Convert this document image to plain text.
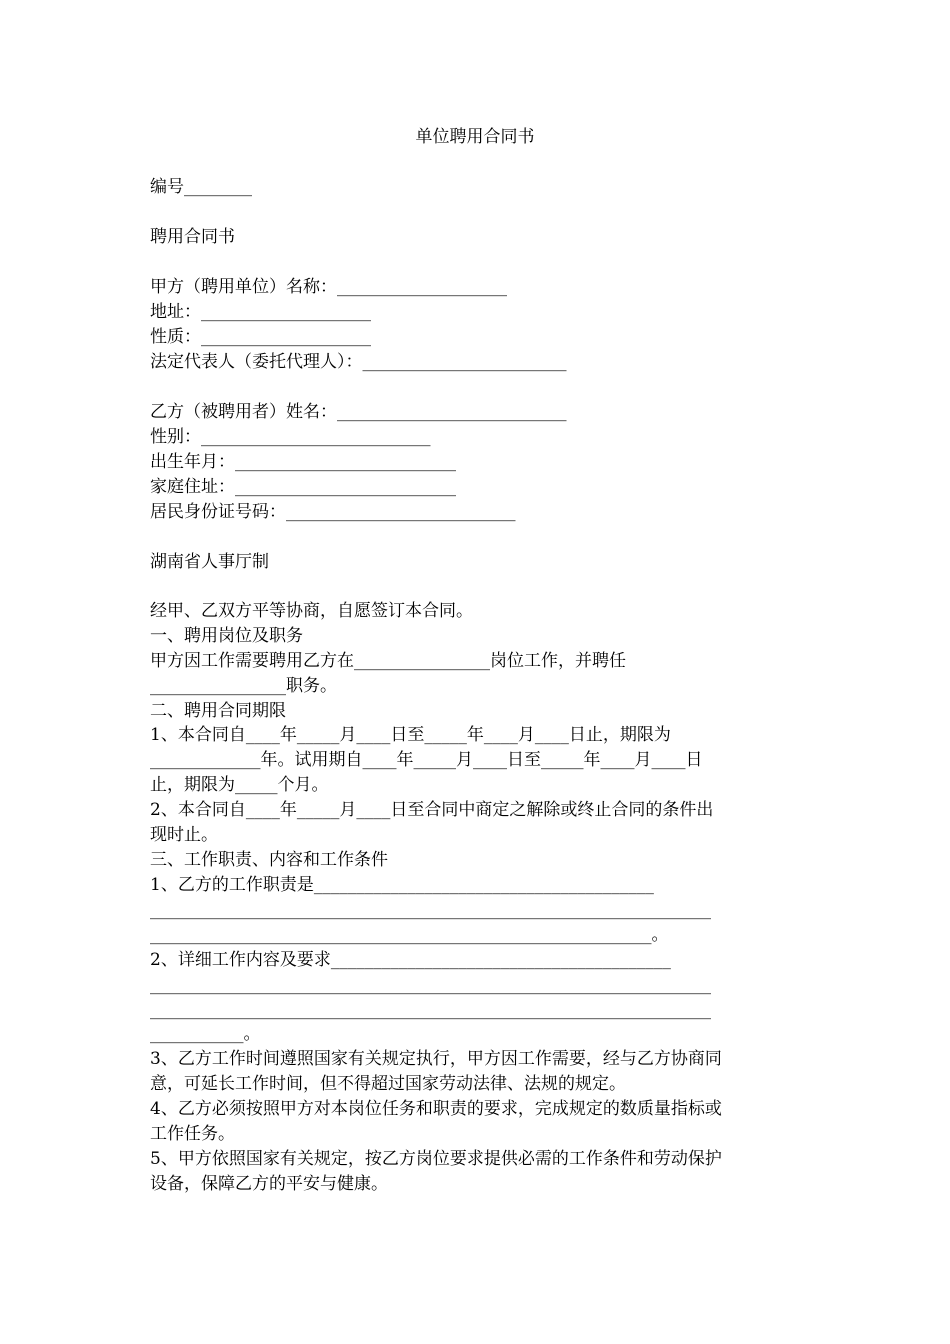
单位聘用合同书
编号________
聘用合同书
甲方（聘用单位）名称：____________________
地址：____________________
性质：____________________
法定代表人（委托代理人）：________________________
乙方（被聘用者）姓名：___________________________
性别：___________________________
出生年月：__________________________
家庭住址：__________________________
居民身份证号码：___________________________
湖南省人事厅制
经甲、乙双方平等协商，自愿签订本合同。
一、聘用岗位及职务
甲方因工作需要聘用乙方在________________岗位工作，并聘任
________________职务。
二、聘用合同期限
1、本合同自____年_____月____日至_____年____月____日止，期限为
_____________年。试用期自____年_____月____日至_____年____月____日
止，期限为_____个月。
2、本合同自____年_____月____日至合同中商定之解除或终止合同的条件出
现时止。
三、工作职责、内容和工作条件
1、乙方的工作职责是________________________________________
__________________________________________________________________
___________________________________________________________。
2、详细工作内容及要求________________________________________
__________________________________________________________________
__________________________________________________________________
___________。
3、乙方工作时间遵照国家有关规定执行，甲方因工作需要，经与乙方协商同
意，可延长工作时间，但不得超过国家劳动法律、法规的规定。
4、乙方必须按照甲方对本岗位任务和职责的要求，完成规定的数质量指标或
工作任务。
5、甲方依照国家有关规定，按乙方岗位要求提供必需的工作条件和劳动保护
设备，保障乙方的平安与健康。
